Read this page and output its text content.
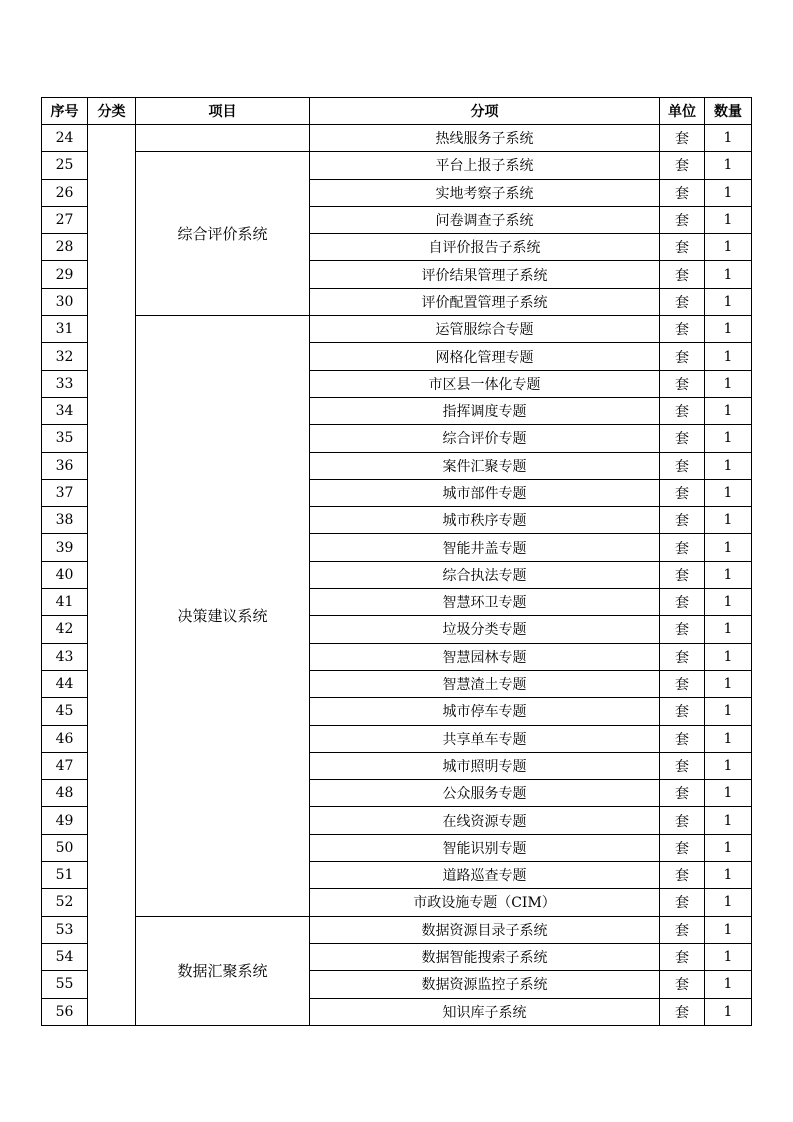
序号	分类	项目	分项	单位	数量
24			热线服务子系统	套	1
25		综合评价系统	平台上报子系统	套	1
26			实地考察子系统	套	1
27			问卷调查子系统	套	1
28			自评价报告子系统	套	1
29			评价结果管理子系统	套	1
30			评价配置管理子系统	套	1
31		决策建议系统	运管服综合专题	套	1
32			网格化管理专题	套	1
33			市区县一体化专题	套	1
34			指挥调度专题	套	1
35			综合评价专题	套	1
36			案件汇聚专题	套	1
37			城市部件专题	套	1
38			城市秩序专题	套	1
39			智能井盖专题	套	1
40			综合执法专题	套	1
41			智慧环卫专题	套	1
42			垃圾分类专题	套	1
43			智慧园林专题	套	1
44			智慧渣土专题	套	1
45			城市停车专题	套	1
46			共享单车专题	套	1
47			城市照明专题	套	1
48			公众服务专题	套	1
49			在线资源专题	套	1
50			智能识别专题	套	1
51			道路巡查专题	套	1
52			市政设施专题（CIM）	套	1
53		数据汇聚系统	数据资源目录子系统	套	1
54			数据智能搜索子系统	套	1
55			数据资源监控子系统	套	1
56			知识库子系统	套	1
